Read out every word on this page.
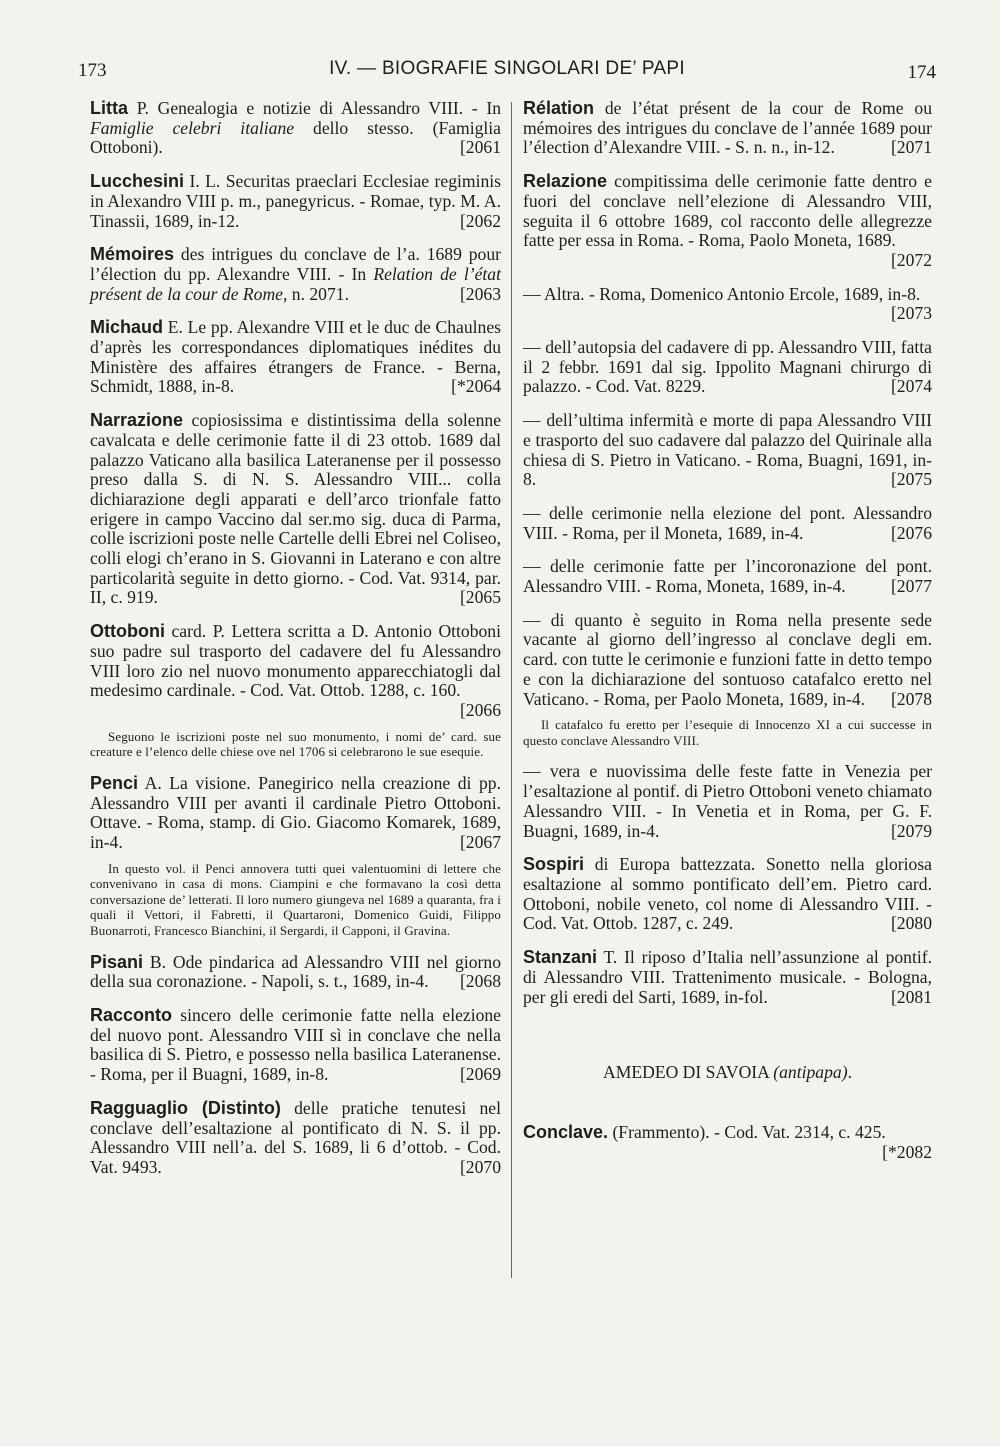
173	IV. — BIOGRAFIE SINGOLARI DE’ PAPI	174

Litta P. Genealogia e notizie di Alessandro VIII. - In Famiglie celebri italiane dello stesso. (Famiglia Ottoboni).	[2061

Lucchesini I. L. Securitas praeclari Ecclesiae regiminis in Alexandro VIII p. m., panegyricus. - Romae, typ. M. A. Tinassii, 1689, in-12.	[2062

Mémoires des intrigues du conclave de l’a. 1689 pour l’élection du pp. Alexandre VIII. - In Relation de l’état présent de la cour de Rome, n. 2071.	[2063

Michaud E. Le pp. Alexandre VIII et le duc de Chaulnes d’après les correspondances diplomatiques inédites du Ministère des affaires étrangers de France. - Berna, Schmidt, 1888, in-8.	[*2064

Narrazione copiosissima e distintissima della solenne cavalcata e delle cerimonie fatte il di 23 ottob. 1689 dal palazzo Vaticano alla basilica Lateranense per il possesso preso dalla S. di N. S. Alessandro VIII... colla dichiarazione degli apparati e dell’arco trionfale fatto erigere in campo Vaccino dal ser.mo sig. duca di Parma, colle iscrizioni poste nelle Cartelle delli Ebrei nel Coliseo, colli elogi ch’erano in S. Giovanni in Laterano e con altre particolarità seguite in detto giorno. - Cod. Vat. 9314, par. II, c. 919.	[2065

Ottoboni card. P. Lettera scritta a D. Antonio Ottoboni suo padre sul trasporto del cadavere del fu Alessandro VIII loro zio nel nuovo monumento apparecchiatogli dal medesimo cardinale. - Cod. Vat. Ottob. 1288, c. 160.
[2066

Seguono le iscrizioni poste nel suo monumento, i nomi de’ card. sue creature e l’elenco delle chiese ove nel 1706 si celebrarono le sue esequie.

Penci A. La visione. Panegirico nella creazione di pp. Alessandro VIII per avanti il cardinale Pietro Ottoboni. Ottave. - Roma, stamp. di Gio. Giacomo Komarek, 1689, in-4.	[2067

In questo vol. il Penci annovera tutti quei valentuomini di lettere che convenivano in casa di mons. Ciampini e che formavano la così detta conversazione de’ letterati. Il loro numero giungeva nel 1689 a quaranta, fra i quali il Vettori, il Fabretti, il Quartaroni, Domenico Guidi, Filippo Buonarroti, Francesco Bianchini, il Sergardi, il Capponi, il Gravina.

Pisani B. Ode pindarica ad Alessandro VIII nel giorno della sua coronazione. - Napoli, s. t., 1689, in-4. [2068

Racconto sincero delle cerimonie fatte nella elezione del nuovo pont. Alessandro VIII sì in conclave che nella basilica di S. Pietro, e possesso nella basilica Lateranense. - Roma, per il Buagni, 1689, in-8.	[2069

Ragguaglio (Distinto) delle pratiche tenutesi nel conclave dell’esaltazione al pontificato di N. S. il pp. Alessandro VIII nell’a. del S. 1689, li 6 d’ottob. - Cod. Vat. 9493.	[2070

Rélation de l’état présent de la cour de Rome ou mémoires des intrigues du conclave de l’année 1689 pour l’élection d’Alexandre VIII. - S. n. n., in-12.	[2071

Relazione compitissima delle cerimonie fatte dentro e fuori del conclave nell’elezione di Alessandro VIII, seguita il 6 ottobre 1689, col racconto delle allegrezze fatte per essa in Roma. - Roma, Paolo Moneta, 1689.
[2072

— Altra. - Roma, Domenico Antonio Ercole, 1689, in-8.
[2073

— dell’autopsia del cadavere di pp. Alessandro VIII, fatta il 2 febbr. 1691 dal sig. Ippolito Magnani chirurgo di palazzo. - Cod. Vat. 8229.	[2074

— dell’ultima infermità e morte di papa Alessandro VIII e trasporto del suo cadavere dal palazzo del Quirinale alla chiesa di S. Pietro in Vaticano. - Roma, Buagni, 1691, in-8.	[2075

— delle cerimonie nella elezione del pont. Alessandro VIII. - Roma, per il Moneta, 1689, in-4.	[2076

— delle cerimonie fatte per l’incoronazione del pont. Alessandro VIII. - Roma, Moneta, 1689, in-4.	[2077

— di quanto è seguito in Roma nella presente sede vacante al giorno dell’ingresso al conclave degli em. card. con tutte le cerimonie e funzioni fatte in detto tempo e con la dichiarazione del sontuoso catafalco eretto nel Vaticano. - Roma, per Paolo Moneta, 1689, in-4. [2078

Il catafalco fu eretto per l’esequie di Innocenzo XI a cui successe in questo conclave Alessandro VIII.

— vera e nuovissima delle feste fatte in Venezia per l’esaltazione al pontif. di Pietro Ottoboni veneto chiamato Alessandro VIII. - In Venetia et in Roma, per G. F. Buagni, 1689, in-4.	[2079

Sospiri di Europa battezzata. Sonetto nella gloriosa esaltazione al sommo pontificato dell’em. Pietro card. Ottoboni, nobile veneto, col nome di Alessandro VIII. - Cod. Vat. Ottob. 1287, c. 249.	[2080

Stanzani T. Il riposo d’Italia nell’assunzione al pontif. di Alessandro VIII. Trattenimento musicale. - Bologna, per gli eredi del Sarti, 1689, in-fol.	[2081

AMEDEO DI SAVOIA (antipapa).

Conclave. (Frammento). - Cod. Vat. 2314, c. 425.
[*2082
